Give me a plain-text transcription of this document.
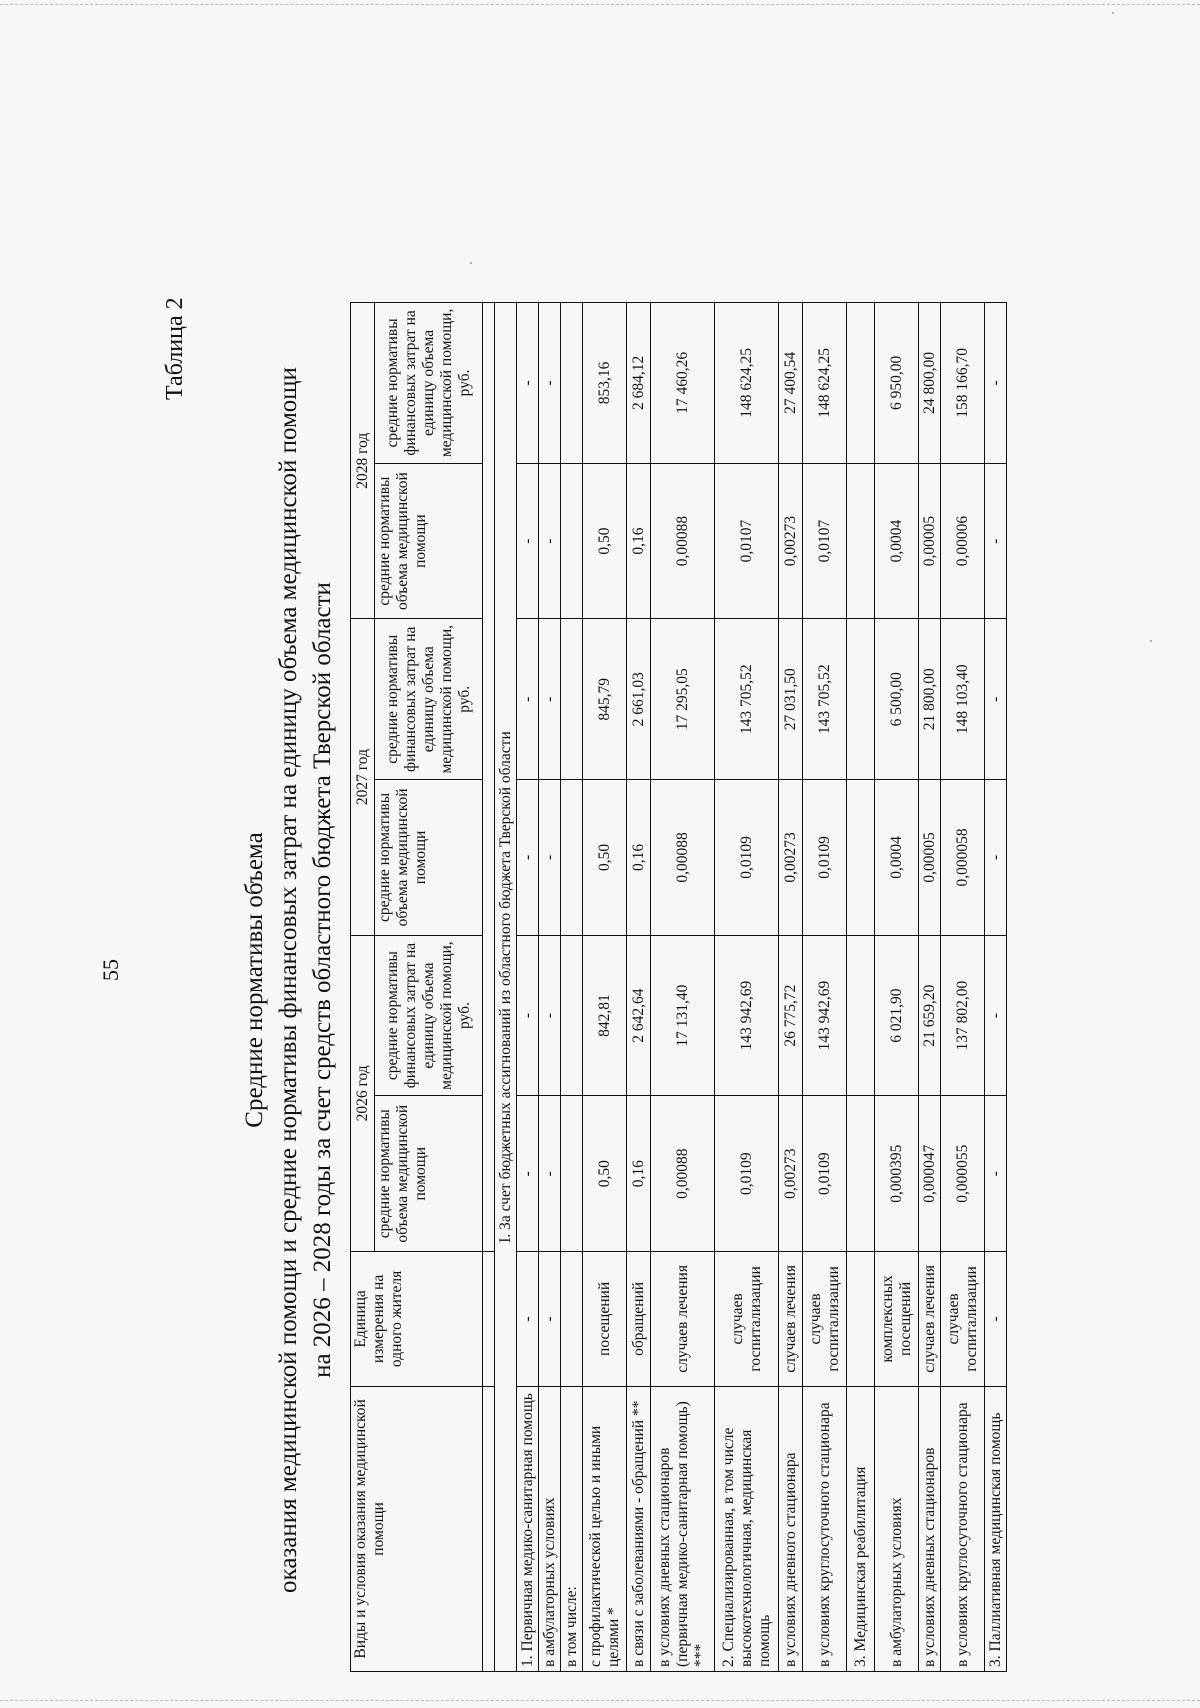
55
Таблица 2
Средние нормативы объема оказания медицинской помощи и средние нормативы финансовых затрат на единицу объема медицинской помощи на 2026 – 2028 годы за счет средств областного бюджета Тверской области
Виды и условия оказания медицинской помощи	Единица измерения на одного жителя	2026 год		2027 год		2028 год	
		средние нормативы объема медицинской помощи	средние нормативы финансовых затрат на единицу объема медицинской помощи, руб.	средние нормативы объема медицинской помощи	средние нормативы финансовых затрат на единицу объема медицинской помощи, руб.	средние нормативы объема медицинской помощи	средние нормативы финансовых затрат на единицу объема медицинской помощи, руб.

I. За счет бюджетных ассигнований из областного бюджета Тверской области							
1. Первичная медико-санитарная помощь	-	-	-	-	-	-	-
в амбулаторных условиях	-	-	-	-	-	-	-
в том числе:							
с профилактической целью и иными целями *	посещений	0,50	842,81	0,50	845,79	0,50	853,16
в связи с заболеваниями - обращений **	обращений	0,16	2 642,64	0,16	2 661,03	0,16	2 684,12
в условиях дневных стационаров (первичная медико-санитарная помощь) ***	случаев лечения	0,00088	17 131,40	0,00088	17 295,05	0,00088	17 460,26
2. Специализированная, в том числе высокотехнологичная, медицинская помощь	случаев госпитализации	0,0109	143 942,69	0,0109	143 705,52	0,0107	148 624,25
в условиях дневного стационара	случаев лечения	0,00273	26 775,72	0,00273	27 031,50	0,00273	27 400,54
в условиях круглосуточного стационара	случаев госпитализации	0,0109	143 942,69	0,0109	143 705,52	0,0107	148 624,25
3. Медицинская реабилитация							
в амбулаторных условиях	комплексных посещений	0,000395	6 021,90	0,0004	6 500,00	0,0004	6 950,00
в условиях дневных стационаров	случаев лечения	0,000047	21 659,20	0,00005	21 800,00	0,00005	24 800,00
в условиях круглосуточного стационара	случаев госпитализации	0,000055	137 802,00	0,000058	148 103,40	0,00006	158 166,70
3. Паллиативная медицинская помощь	-	-	-	-	-	-	-
